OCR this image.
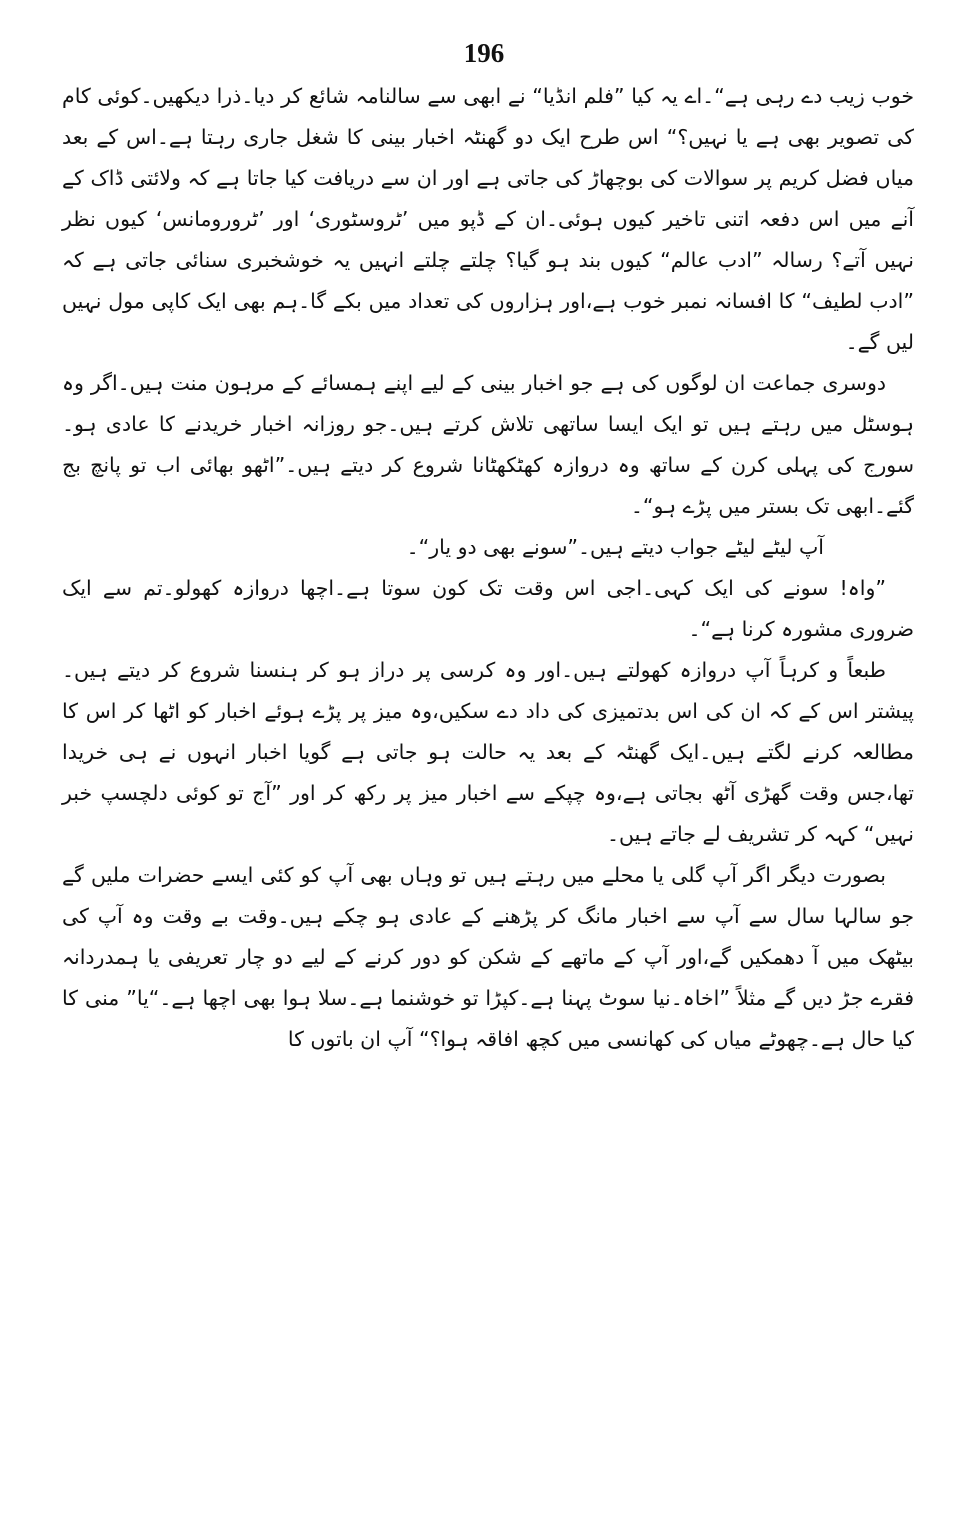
196

خوب زیب دے رہی ہے“۔اے یہ کیا ”فلم انڈیا“ نے ابھی سے سالنامہ شائع کر دیا۔ذرا دیکھیں۔کوئی کام کی تصویر بھی ہے یا نہیں؟“ اس طرح ایک دو گھنٹہ اخبار بینی کا شغل جاری رہتا ہے۔اس کے بعد میاں فضل کریم پر سوالات کی بوچھاڑ کی جاتی ہے اور ان سے دریافت کیا جاتا ہے کہ ولائتی ڈاک کے آنے میں اس دفعہ اتنی تاخیر کیوں ہوئی۔ان کے ڈپو میں ’ٹروسٹوری‘ اور ’ٹرورومانس‘ کیوں نظر نہیں آتے؟ رسالہ ”ادب عالم“ کیوں بند ہو گیا؟ چلتے چلتے انہیں یہ خوشخبری سنائی جاتی ہے کہ ”ادب لطیف“ کا افسانہ نمبر خوب ہے،اور ہزاروں کی تعداد میں بکے گا۔ہم بھی ایک کاپی مول نہیں لیں گے۔

دوسری جماعت ان لوگوں کی ہے جو اخبار بینی کے لیے اپنے ہمسائے کے مرہون منت ہیں۔اگر وہ ہوسٹل میں رہتے ہیں تو ایک ایسا ساتھی تلاش کرتے ہیں۔جو روزانہ اخبار خریدنے کا عادی ہو۔سورج کی پہلی کرن کے ساتھ وہ دروازہ کھٹکھٹانا شروع کر دیتے ہیں۔”اٹھو بھائی اب تو پانچ بج گئے۔ابھی تک بستر میں پڑے ہو“۔

آپ لیٹے لیٹے جواب دیتے ہیں۔”سونے بھی دو یار“۔

”واہ! سونے کی ایک کہی۔اجی اس وقت تک کون سوتا ہے۔اچھا دروازہ کھولو۔تم سے ایک ضروری مشورہ کرنا ہے“۔

طبعاً و کرہاً آپ دروازہ کھولتے ہیں۔اور وہ کرسی پر دراز ہو کر ہنسنا شروع کر دیتے ہیں۔پیشتر اس کے کہ ان کی اس بدتمیزی کی داد دے سکیں،وہ میز پر پڑے ہوئے اخبار کو اٹھا کر اس کا مطالعہ کرنے لگتے ہیں۔ایک گھنٹہ کے بعد یہ حالت ہو جاتی ہے گویا اخبار انہوں نے ہی خریدا تھا،جس وقت گھڑی آٹھ بجاتی ہے،وہ چپکے سے اخبار میز پر رکھ کر اور ”آج تو کوئی دلچسپ خبر نہیں“ کہہ کر تشریف لے جاتے ہیں۔

بصورت دیگر اگر آپ گلی یا محلے میں رہتے ہیں تو وہاں بھی آپ کو کئی ایسے حضرات ملیں گے جو سالہا سال سے آپ سے اخبار مانگ کر پڑھنے کے عادی ہو چکے ہیں۔وقت بے وقت وہ آپ کی بیٹھک میں آ دھمکیں گے،اور آپ کے ماتھے کے شکن کو دور کرنے کے لیے دو چار تعریفی یا ہمدردانہ فقرے جڑ دیں گے مثلاً ”اخاہ۔نیا سوٹ پہنا ہے۔کپڑا تو خوشنما ہے۔سلا ہوا بھی اچھا ہے۔“یا” منی کا کیا حال ہے۔چھوٹے میاں کی کھانسی میں کچھ افاقہ ہوا؟“ آپ ان باتوں کا
